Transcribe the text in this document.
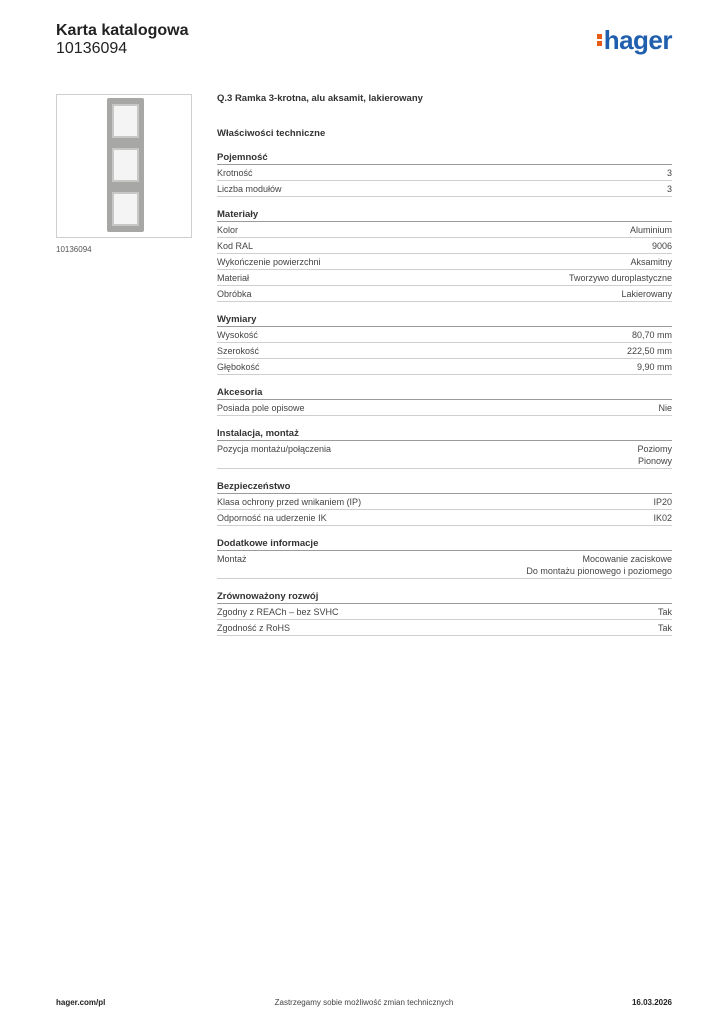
Karta katalogowa
10136094	hager
10136094
Q.3 Ramka 3-krotna, alu aksamit, lakierowany
Właściwości techniczne
Pojemność
Krotność	3
Liczba modułów	3
Materiały
Kolor	Aluminium
Kod RAL	9006
Wykończenie powierzchni	Aksamitny
Materiał	Tworzywo duroplastyczne
Obróbka	Lakierowany
Wymiary
Wysokość	80,70 mm
Szerokość	222,50 mm
Głębokość	9,90 mm
Akcesoria
Posiada pole opisowe	Nie
Instalacja, montaż
Pozycja montażu/połączenia	Poziomy
Pionowy
Bezpieczeństwo
Klasa ochrony przed wnikaniem (IP)	IP20
Odporność na uderzenie IK	IK02
Dodatkowe informacje
Montaż	Mocowanie zaciskowe
Do montażu pionowego i poziomego
Zrównoważony rozwój
Zgodny z REACh – bez SVHC	Tak
Zgodność z RoHS	Tak
hager.com/pl	Zastrzegamy sobie możliwość zmian technicznych	16.03.2026
